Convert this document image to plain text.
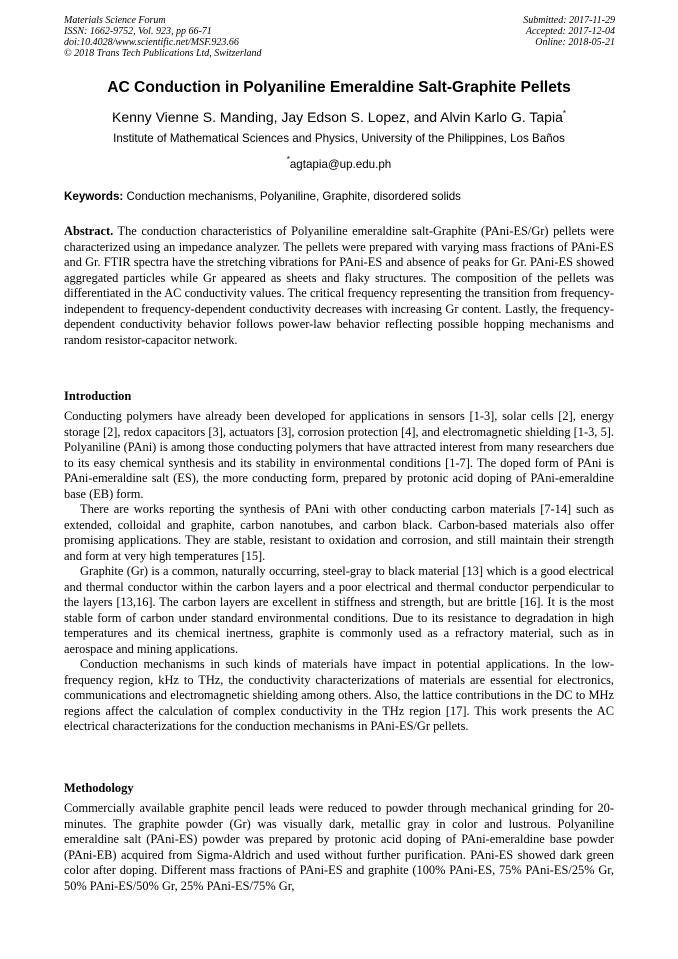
Materials Science Forum
ISSN: 1662-9752, Vol. 923, pp 66-71
doi:10.4028/www.scientific.net/MSF.923.66
© 2018 Trans Tech Publications Ltd, Switzerland
Submitted: 2017-11-29
Accepted: 2017-12-04
Online: 2018-05-21
AC Conduction in Polyaniline Emeraldine Salt-Graphite Pellets
Kenny Vienne S. Manding, Jay Edson S. Lopez, and Alvin Karlo G. Tapia*
Institute of Mathematical Sciences and Physics, University of the Philippines, Los Baños
*agtapia@up.edu.ph
Keywords: Conduction mechanisms, Polyaniline, Graphite, disordered solids

Abstract. The conduction characteristics of Polyaniline emeraldine salt-Graphite (PAni-ES/Gr) pellets were characterized using an impedance analyzer. The pellets were prepared with varying mass fractions of PAni-ES and Gr. FTIR spectra have the stretching vibrations for PAni-ES and absence of peaks for Gr. PAni-ES showed aggregated particles while Gr appeared as sheets and flaky structures. The composition of the pellets was differentiated in the AC conductivity values. The critical frequency representing the transition from frequency-independent to frequency-dependent conductivity decreases with increasing Gr content. Lastly, the frequency-dependent conductivity behavior follows power-law behavior reflecting possible hopping mechanisms and random resistor-capacitor network.

Introduction

Conducting polymers have already been developed for applications in sensors [1-3], solar cells [2], energy storage [2], redox capacitors [3], actuators [3], corrosion protection [4], and electromagnetic shielding [1-3, 5]. Polyaniline (PAni) is among those conducting polymers that have attracted interest from many researchers due to its easy chemical synthesis and its stability in environmental conditions [1-7]. The doped form of PAni is PAni-emeraldine salt (ES), the more conducting form, prepared by protonic acid doping of PAni-emeraldine base (EB) form.

There are works reporting the synthesis of PAni with other conducting carbon materials [7-14] such as extended, colloidal and graphite, carbon nanotubes, and carbon black. Carbon-based materials also offer promising applications. They are stable, resistant to oxidation and corrosion, and still maintain their strength and form at very high temperatures [15].

Graphite (Gr) is a common, naturally occurring, steel-gray to black material [13] which is a good electrical and thermal conductor within the carbon layers and a poor electrical and thermal conductor perpendicular to the layers [13,16]. The carbon layers are excellent in stiffness and strength, but are brittle [16]. It is the most stable form of carbon under standard environmental conditions. Due to its resistance to degradation in high temperatures and its chemical inertness, graphite is commonly used as a refractory material, such as in aerospace and mining applications.

Conduction mechanisms in such kinds of materials have impact in potential applications. In the low-frequency region, kHz to THz, the conductivity characterizations of materials are essential for electronics, communications and electromagnetic shielding among others. Also, the lattice contributions in the DC to MHz regions affect the calculation of complex conductivity in the THz region [17]. This work presents the AC electrical characterizations for the conduction mechanisms in PAni-ES/Gr pellets.

Methodology

Commercially available graphite pencil leads were reduced to powder through mechanical grinding for 20-minutes. The graphite powder (Gr) was visually dark, metallic gray in color and lustrous. Polyaniline emeraldine salt (PAni-ES) powder was prepared by protonic acid doping of PAni-emeraldine base powder (PAni-EB) acquired from Sigma-Aldrich and used without further purification. PAni-ES showed dark green color after doping. Different mass fractions of PAni-ES and graphite (100% PAni-ES, 75% PAni-ES/25% Gr, 50% PAni-ES/50% Gr, 25% PAni-ES/75% Gr,
